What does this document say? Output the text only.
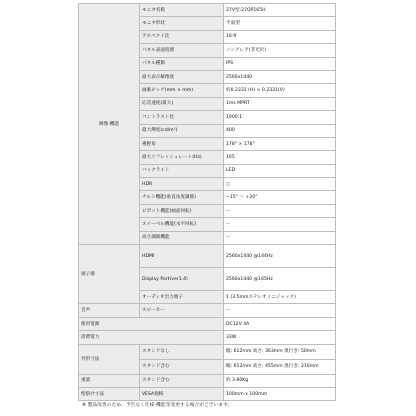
映像·機能	モニタ名称	27V型:27QP165H
	モニタ形状	平面型
	アスペクト比	16:9
	パネル表面処理	ノングレア(非光沢)
	パネル種類	IPS
	最大表示解像度	2560x1440
	画素ピッチ(mm × mm)	約0.2331 (H) × 0.2331(V)
	応答速度(最大)	1ms MPRT
	コントラスト比	1000:1
	最大輝度(cd/m²)	400
	視野角	178° × 178°
	最大リフレッシュレート(Hz)	165
	バックライト	LED
	HDR	○
	チルト機能(垂直角度調節)	−15° 〜 +20°
	ピボット機能(画面回転)	ー
	スイーベル機能(水平回転)	ー
	高さ調節機能	ー
端子群	HDMI	2560x1440 @144Hz
	Display Port(ver1.4)	2560x1440 @165Hz
	オーディオ出力端子	1 (3.5mmステレオミニジャック)
音声	スピーカー	ー
使用電源		DC12V 4A
消費電力		33W
外形寸法	スタンドなし	幅: 612mm 高さ: 363mm 奥行き: 50mm
	スタンド含む	幅: 612mm 高さ: 455mm 奥行き: 210mm
重量	スタンド含む	約 3.80Kg
壁掛け寸法	VESA規格	100mm x 100mm
※ 製品改善のため、予告なく仕様·機能等変更する場合がございます。
